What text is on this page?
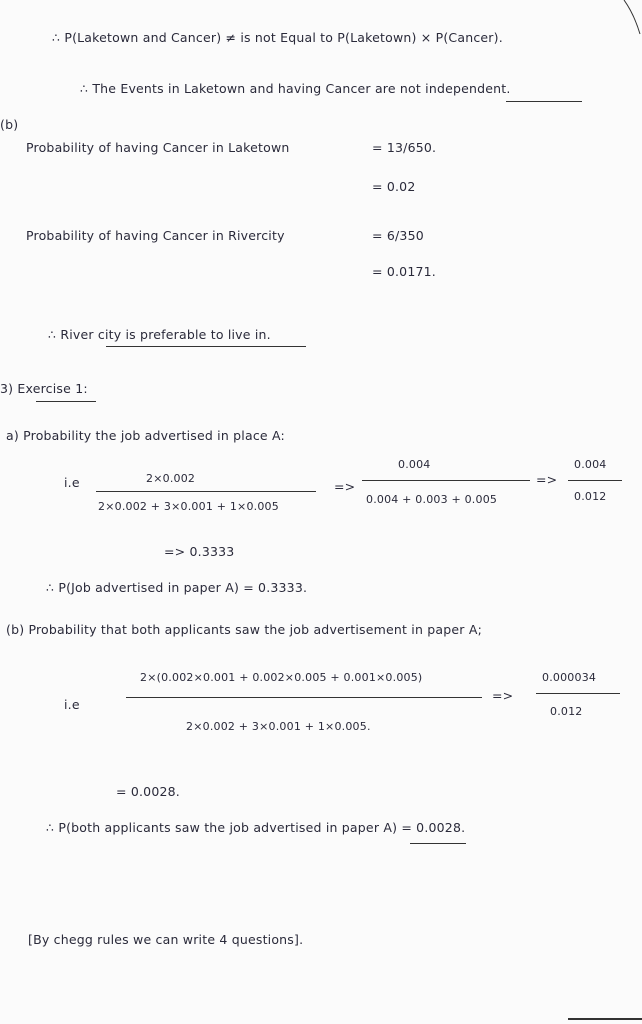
∴ P(Laketown and Cancer) ≠ is not Equal to P(Laketown) × P(Cancer).
∴ The Events in Laketown and having Cancer are not independent.
(b)
Probability of having Cancer in Laketown	= 13/650.
= 0.02
Probability of having Cancer in Rivercity	= 6/350
= 0.0171.
∴ River city is preferable to live in.
3) Exercise 1:
a) Probability the job advertised in place A:
i.e	2×0.002
2×0.002 + 3×0.001 + 1×0.005
=>
0.004
0.004 + 0.003 + 0.005
=>
0.004
0.012
=> 0.3333
∴ P(Job advertised in paper A) = 0.3333.
(b) Probability that both applicants saw the job advertisement in paper A;
i.e
2×(0.002×0.001 + 0.002×0.005 + 0.001×0.005)
2×0.002 + 3×0.001 + 1×0.005.
=>
0.000034
0.012
= 0.0028.
∴ P(both applicants saw the job advertised in paper A) = 0.0028.
[By chegg rules we can write 4 questions].
